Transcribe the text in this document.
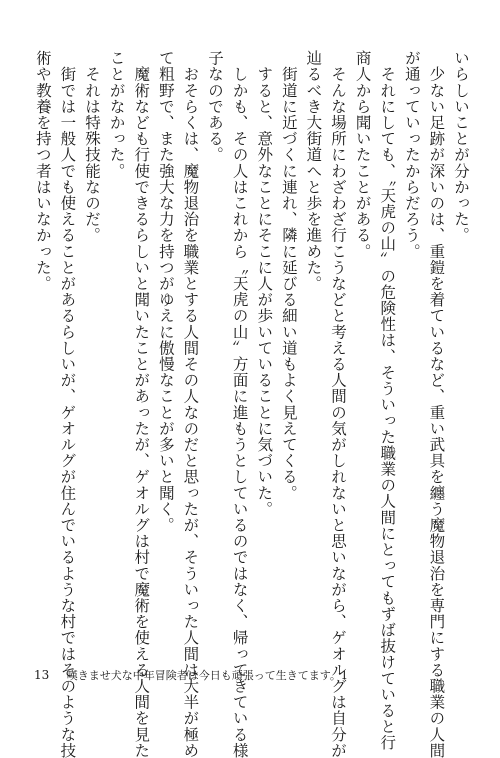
いらしいことが分かった。
　少ない足跡が深いのは、重鎧を着ているなど、重い武具を纏う魔物退治を専門にする職業の人間
が通っていったからだろう。
　それにしても、〝天虎の山〟の危険性は、そういった職業の人間にとってもずば抜けていると行
商人から聞いたことがある。
　そんな場所にわざわざ行こうなどと考える人間の気がしれないと思いながら、ゲオルグは自分が
辿るべき大街道へと歩を進めた。
　街道に近づくに連れ、隣に延びる細い道もよく見えてくる。
　すると、意外なことにそこに人が歩いていることに気づいた。
　しかも、その人はこれから〝天虎の山〟方面に進もうとしているのではなく、帰ってきている様
子なのである。
　おそらくは、魔物退治を職業とする人間その人なのだと思ったが、そういった人間は大半が極め
て粗野で、また強大な力を持つがゆえに傲慢なことが多いと聞く。
　魔術なども行使できるらしいと聞いたことがあったが、ゲオルグは村で魔術を使える人間を見た
ことがなかった。
　それは特殊技能なのだ。
　街では一般人でも使えることがあるらしいが、ゲオルグが住んでいるような村ではそのような技
術や教養を持つ者はいなかった。
13 嘆きませ犬な中年冒険者は今日も頑張って生きてます。1
